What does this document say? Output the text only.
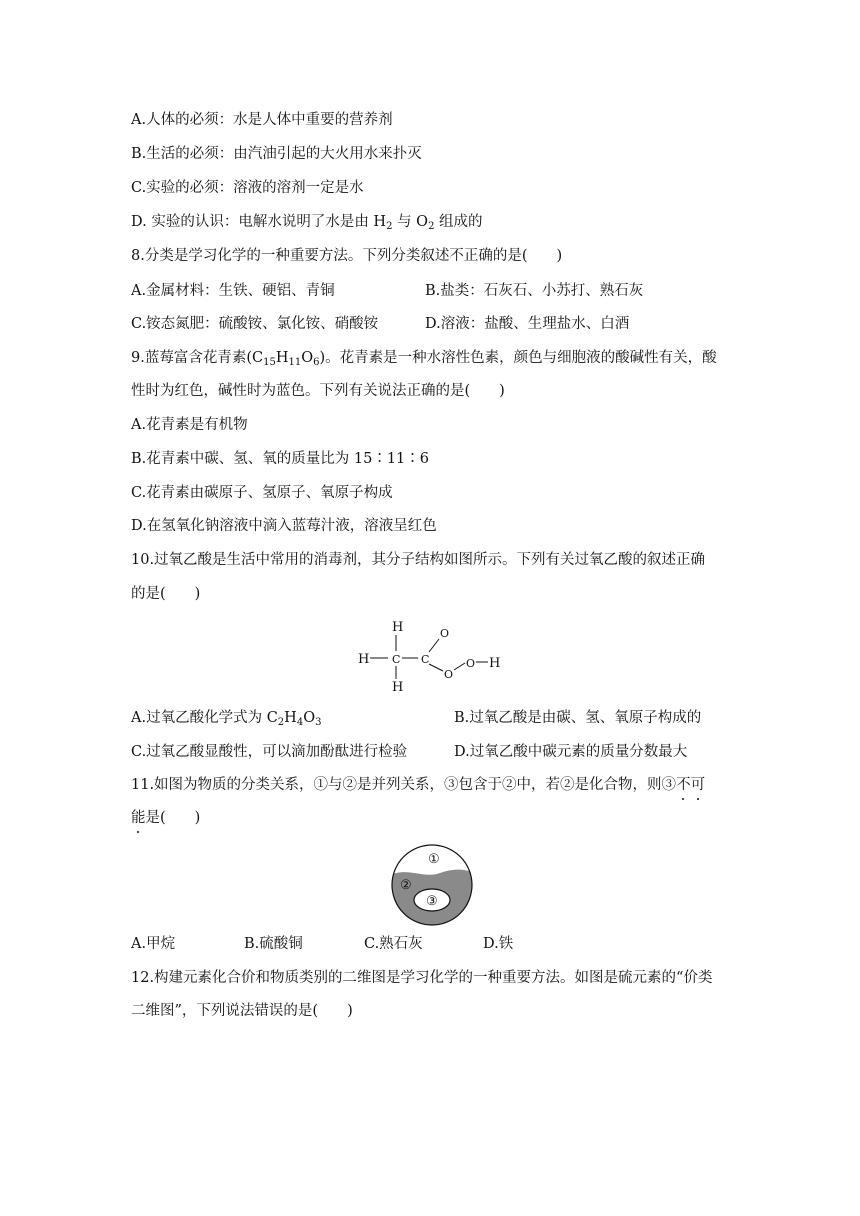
A.人体的必须：水是人体中重要的营养剂
B.生活的必须：由汽油引起的大火用水来扑灭
C.实验的必须：溶液的溶剂一定是水
D. 实验的认识：电解水说明了水是由 $H_2$ 与 $O_2$ 组成的
8.分类是学习化学的一种重要方法。下列分类叙述不正确的是(　　)
A.金属材料：生铁、硬铝、青铜	B.盐类：石灰石、小苏打、熟石灰
C.铵态氮肥：硫酸铵、氯化铵、硝酸铵	D.溶液：盐酸、生理盐水、白酒
9.蓝莓富含花青素$(C_{15}H_{11}O_6)$。花青素是一种水溶性色素，颜色与细胞液的酸碱性有关，酸
性时为红色，碱性时为蓝色。下列有关说法正确的是(　　)
A.花青素是有机物
B.花青素中碳、氢、氧的质量比为 15∶11∶6
C.花青素由碳原子、氢原子、氧原子构成
D.在氢氧化钠溶液中滴入蓝莓汁液，溶液呈红色
10.过氧乙酸是生活中常用的消毒剂，其分子结构如图所示。下列有关过氧乙酸的叙述正确
的是(　　)
H
H C C
O
O
O H
H
A.过氧乙酸化学式为 $C_2H_4O_3$	B.过氧乙酸是由碳、氢、氧原子构成的
C.过氧乙酸显酸性，可以滴加酚酞进行检验	D.过氧乙酸中碳元素的质量分数最大
11.如图为物质的分类关系，①与②是并列关系，③包含于②中，若②是化合物，则③不可
能是(　　)
①
②
③
A.甲烷	B.硫酸铜	C.熟石灰	D.铁
12.构建元素化合价和物质类别的二维图是学习化学的一种重要方法。如图是硫元素的“价类
二维图”，下列说法错误的是(　　)
